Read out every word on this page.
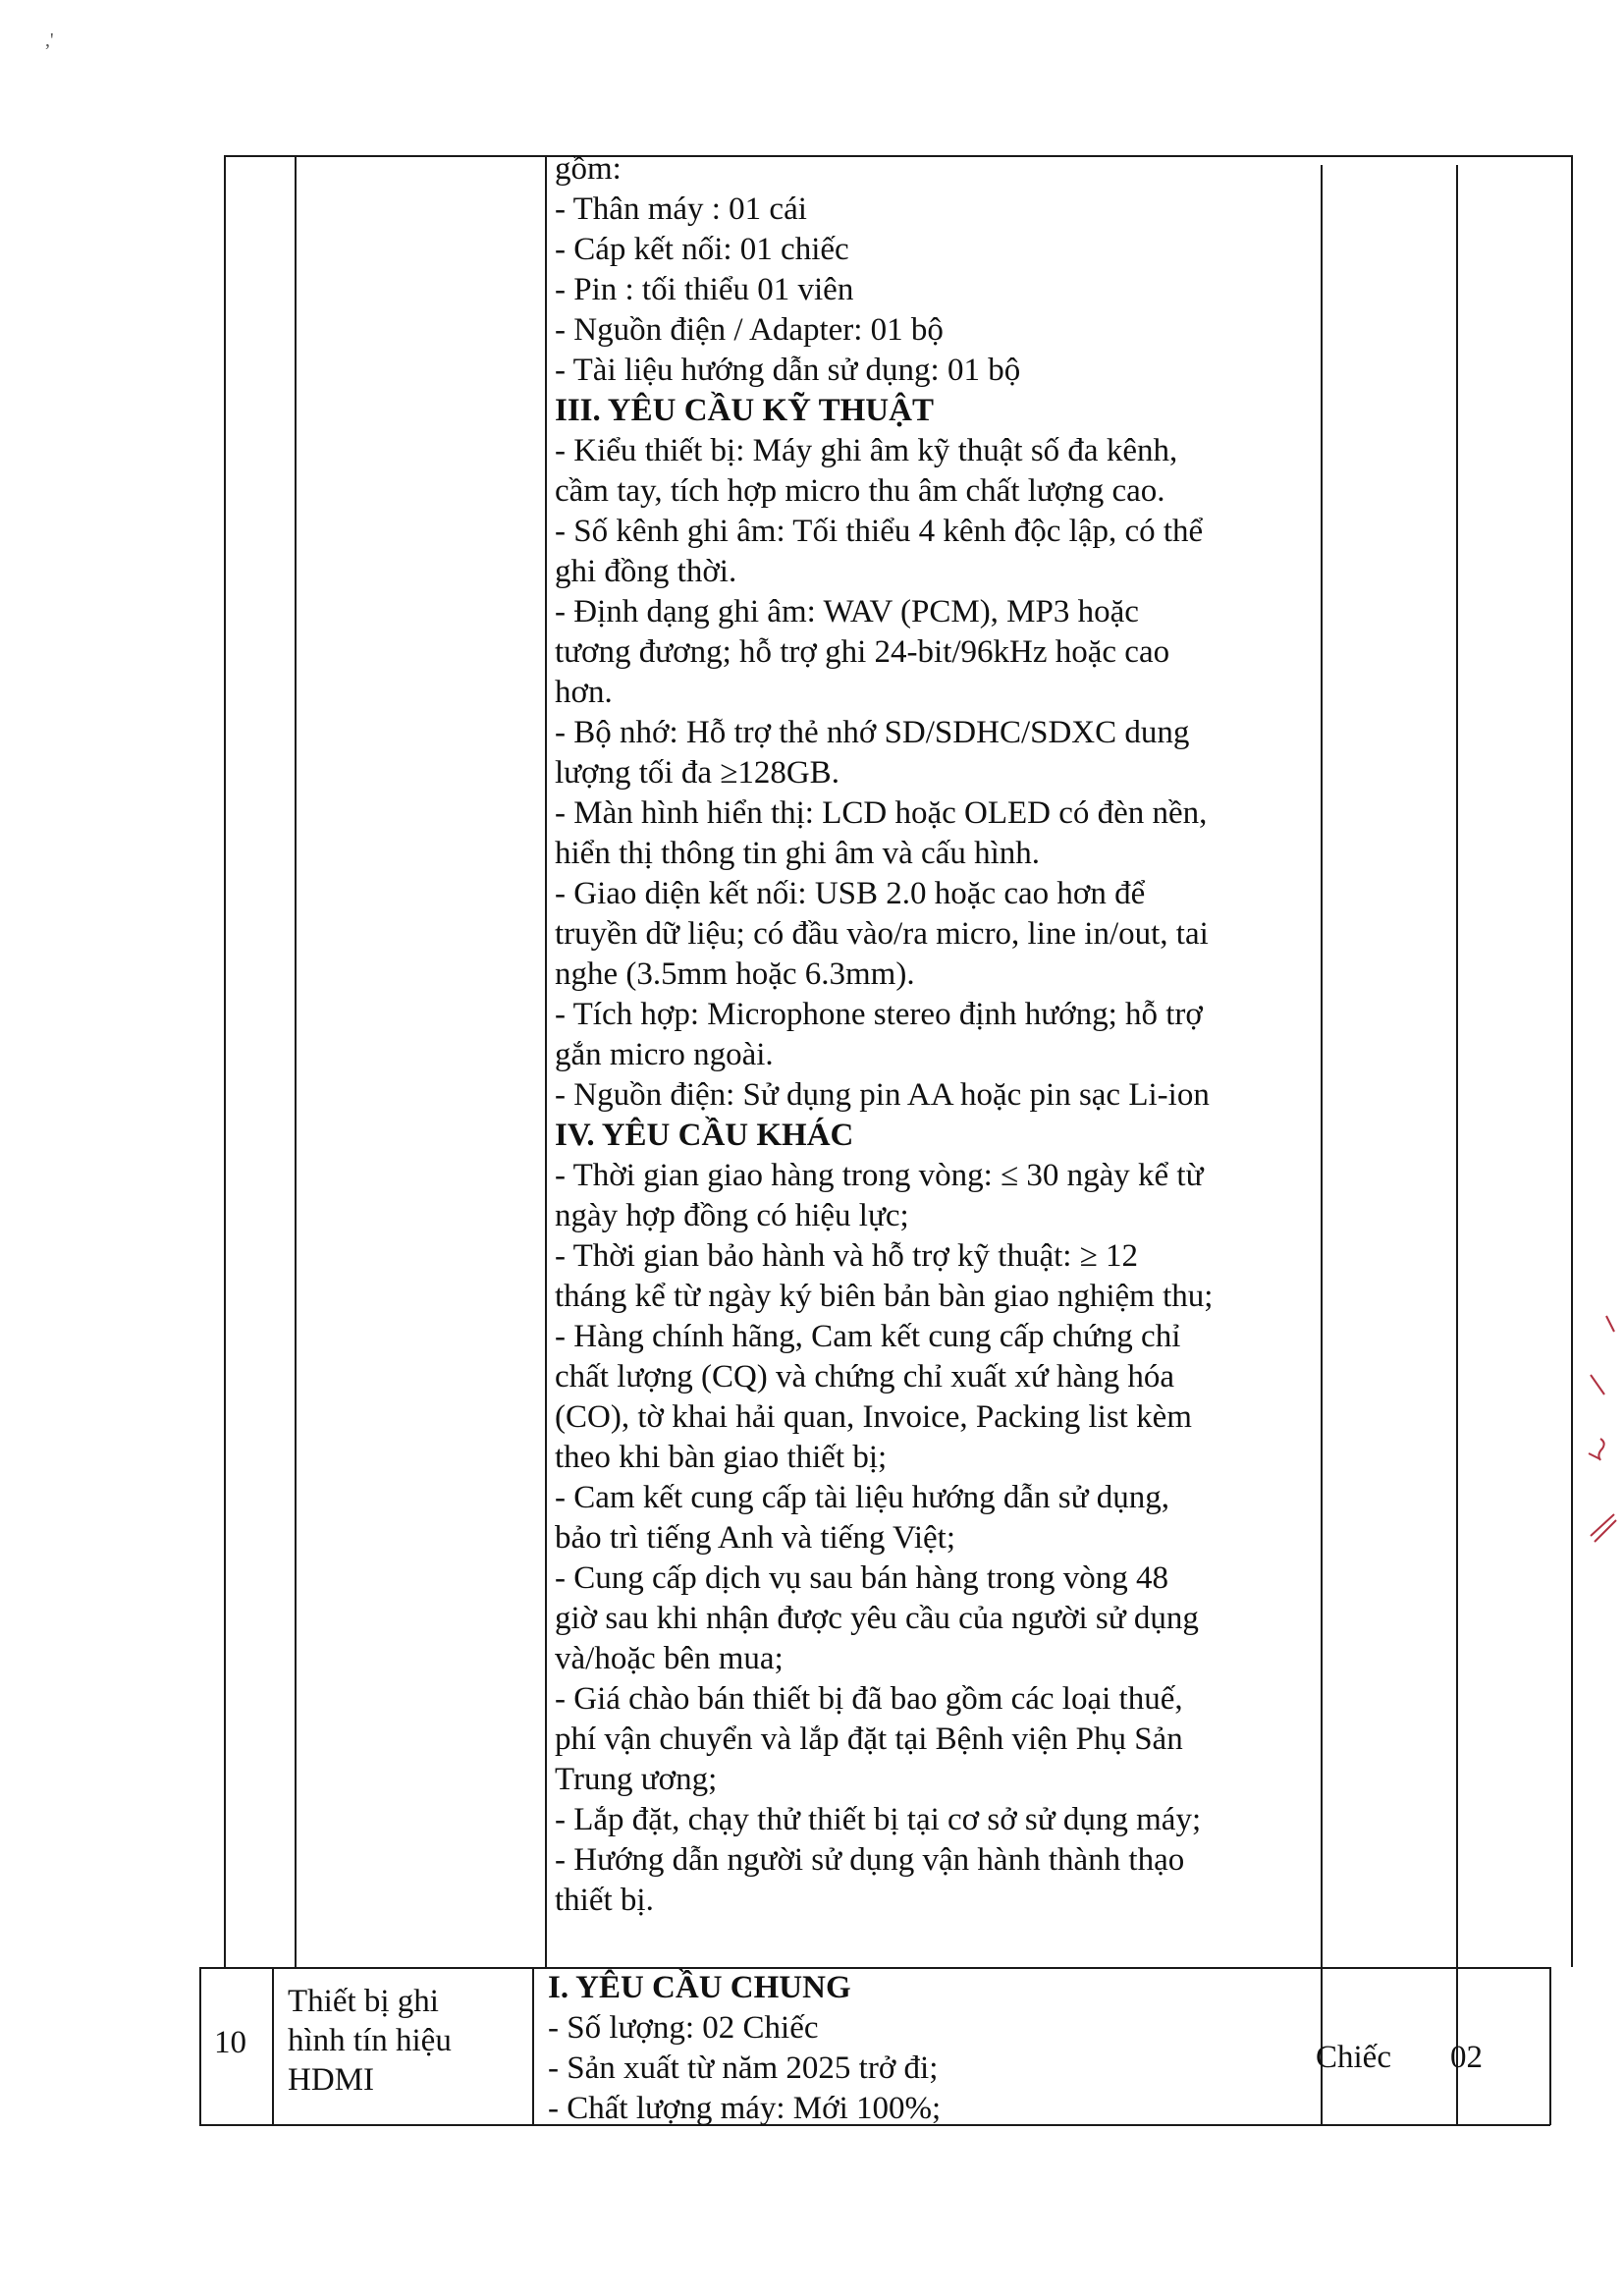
,'
gồm:
- Thân máy : 01 cái
- Cáp kết nối: 01 chiếc
- Pin : tối thiểu 01 viên
- Nguồn điện / Adapter: 01 bộ
- Tài liệu hướng dẫn sử dụng: 01 bộ
III. YÊU CẦU KỸ THUẬT
- Kiểu thiết bị: Máy ghi âm kỹ thuật số đa kênh,
cầm tay, tích hợp micro thu âm chất lượng cao.
- Số kênh ghi âm: Tối thiểu 4 kênh độc lập, có thể
ghi đồng thời.
- Định dạng ghi âm: WAV (PCM), MP3 hoặc
tương đương; hỗ trợ ghi 24-bit/96kHz hoặc cao
hơn.
- Bộ nhớ: Hỗ trợ thẻ nhớ SD/SDHC/SDXC dung
lượng tối đa ≥128GB.
- Màn hình hiển thị: LCD hoặc OLED có đèn nền,
hiển thị thông tin ghi âm và cấu hình.
- Giao diện kết nối: USB 2.0 hoặc cao hơn để
truyền dữ liệu; có đầu vào/ra micro, line in/out, tai
nghe (3.5mm hoặc 6.3mm).
- Tích hợp: Microphone stereo định hướng; hỗ trợ
gắn micro ngoài.
- Nguồn điện: Sử dụng pin AA hoặc pin sạc Li-ion
IV. YÊU CẦU KHÁC
- Thời gian giao hàng trong vòng: ≤ 30 ngày kể từ
ngày hợp đồng có hiệu lực;
- Thời gian bảo hành và hỗ trợ kỹ thuật: ≥ 12
tháng kể từ ngày ký biên bản bàn giao nghiệm thu;
- Hàng chính hãng, Cam kết cung cấp chứng chỉ
chất lượng (CQ) và chứng chỉ xuất xứ hàng hóa
(CO), tờ khai hải quan, Invoice, Packing list kèm
theo khi bàn giao thiết bị;
- Cam kết cung cấp tài liệu hướng dẫn sử dụng,
bảo trì tiếng Anh và tiếng Việt;
- Cung cấp dịch vụ sau bán hàng trong vòng 48
giờ sau khi nhận được yêu cầu của người sử dụng
và/hoặc bên mua;
- Giá chào bán thiết bị đã bao gồm các loại thuế,
phí vận chuyển và lắp đặt tại Bệnh viện Phụ Sản
Trung ương;
- Lắp đặt, chạy thử thiết bị tại cơ sở sử dụng máy;
- Hướng dẫn người sử dụng vận hành thành thạo
thiết bị.
10
Thiết bị ghi
hình tín hiệu
HDMI
I. YÊU CẦU CHUNG
- Số lượng: 02 Chiếc
- Sản xuất từ năm 2025 trở đi;
- Chất lượng máy: Mới 100%;
Chiếc 02
